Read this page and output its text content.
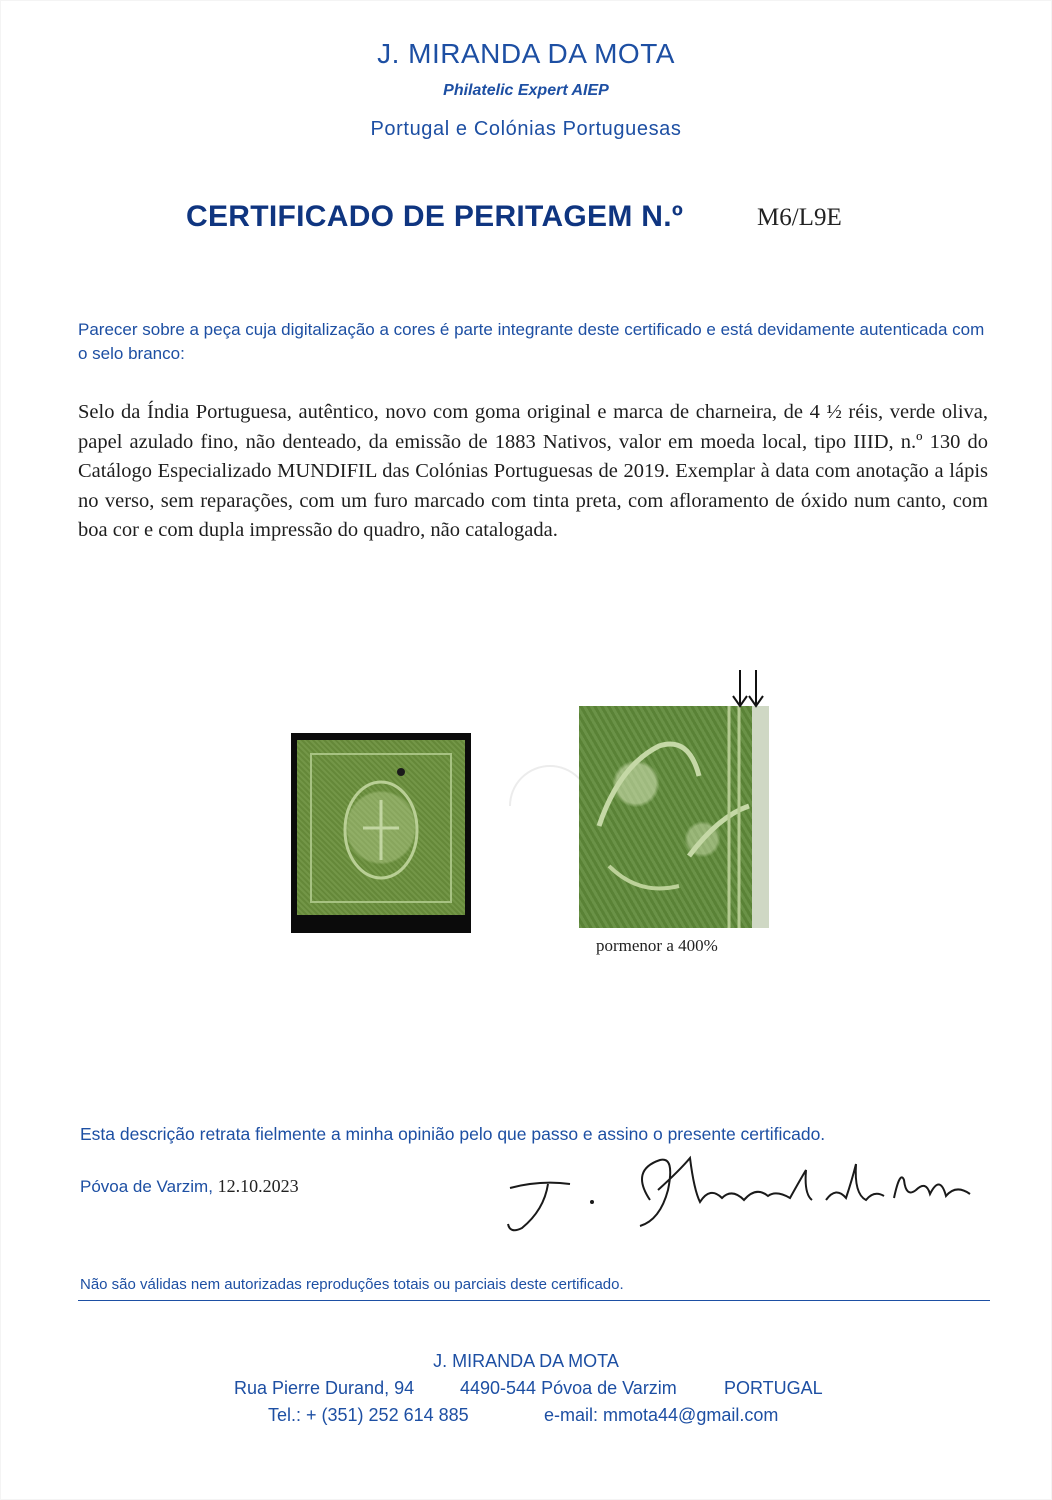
J. MIRANDA DA MOTA
Philatelic Expert AIEP
Portugal e Colónias Portuguesas
CERTIFICADO DE PERITAGEM N.º	M6/L9E
Parecer sobre a peça cuja digitalização a cores é parte integrante deste certificado e está devidamente autenticada com o selo branco:
Selo da Índia Portuguesa, autêntico, novo com goma original e marca de charneira, de 4 ½ réis, verde oliva, papel azulado fino, não denteado, da emissão de 1883 Nativos, valor em moeda local, tipo IIID, n.º 130 do Catálogo Especializado MUNDIFIL das Colónias Portuguesas de 2019. Exemplar à data com anotação a lápis no verso, sem reparações, com um furo marcado com tinta preta, com afloramento de óxido num canto, com boa cor e com dupla impressão do quadro, não catalogada.
pormenor a 400%
Esta descrição retrata fielmente a minha opinião pelo que passo e assino o presente certificado.
Póvoa de Varzim, 12.10.2023
Não são válidas nem autorizadas reproduções totais ou parciais deste certificado.
J. MIRANDA DA MOTA
Rua Pierre Durand, 94	4490-544 Póvoa de Varzim	PORTUGAL
Tel.: + (351) 252 614 885	e-mail: mmota44@gmail.com
